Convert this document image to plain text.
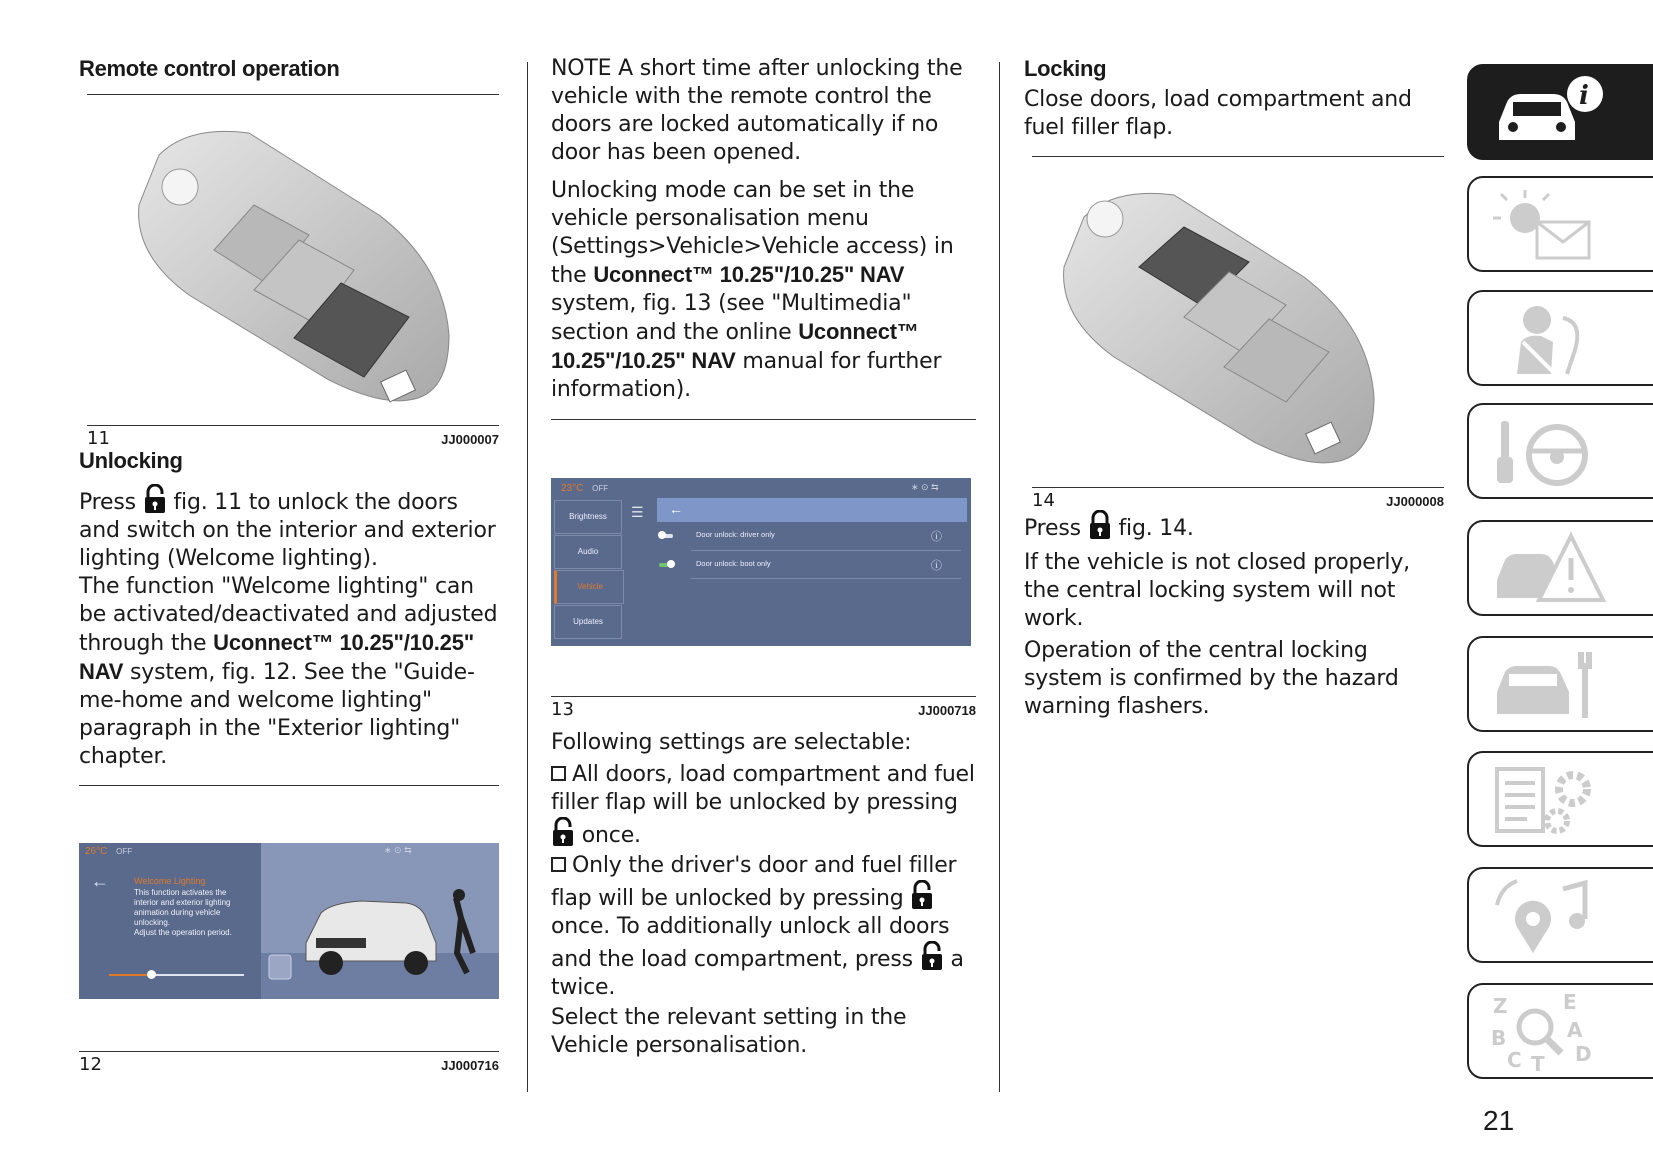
Remote control operation
11	JJ000007
Unlocking

Press fig. 11 to unlock the doors and switch on the interior and exterior lighting (Welcome lighting).

The function "Welcome lighting" can be activated/deactivated and adjusted through the Uconnect™ 10.25"/10.25" NAV system, fig. 12. See the "Guide-me-home and welcome lighting" paragraph in the "Exterior lighting" chapter.

26°C OFF
←	Welcome Lighting
This function activates the
interior and exterior lighting
animation during vehicle
unlocking.
Adjust the operation period.
∗ ⊙ ⇆
12	JJ000716

NOTE A short time after unlocking the vehicle with the remote control the doors are locked automatically if no door has been opened.

Unlocking mode can be set in the vehicle personalisation menu (Settings>Vehicle>Vehicle access) in the Uconnect™ 10.25"/10.25" NAV system, fig. 13 (see "Multimedia" section and the online Uconnect™ 10.25"/10.25" NAV manual for further information).

23°C OFF
Brightness
Audio
Vehicle
Updates
☰ ←
Door unlock: driver only	ⓘ
Door unlock: boot only	ⓘ
∗ ⊙ ⇆
13	JJ000718

Following settings are selectable:

All doors, load compartment and fuel filler flap will be unlocked by pressing  once.

Only the driver's door and fuel filler flap will be unlocked by pressing  once. To additionally unlock all doors and the load compartment, press a twice.

Select the relevant setting in the Vehicle personalisation.

Locking

Close doors, load compartment and fuel filler flap.

14	JJ000008

Press fig. 14.

If the vehicle is not closed properly, the central locking system will not work.

Operation of the central locking system is confirmed by the hazard warning flashers.

i
Z	E
A
B
C T D
21
